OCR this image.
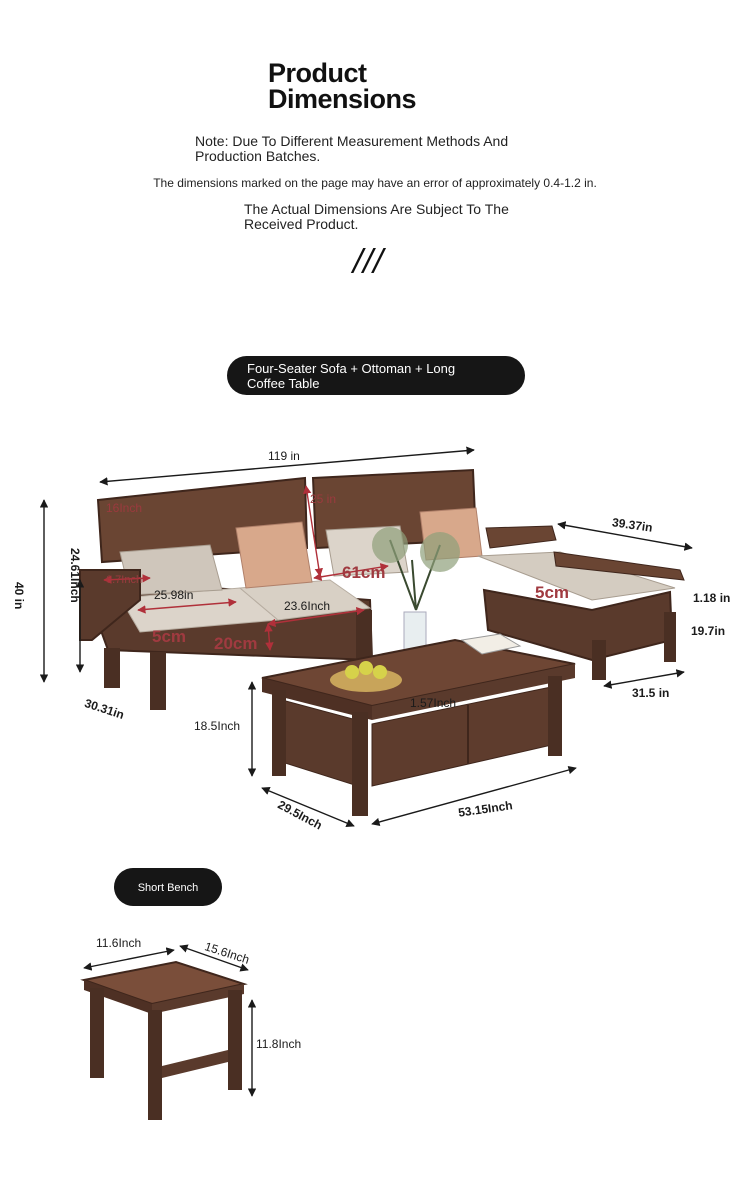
Product
Dimensions
Note: Due To Different Measurement Methods And
Production Batches.
The dimensions marked on the page may have an error of approximately 0.4-1.2 in.
The Actual Dimensions Are Subject To The
Received Product.
///
Four-Seater Sofa + Ottoman + Long
Coffee Table
119 in
25 in
16Inch
40 in	24.61Inch 6.7Inch
25.98in
23.6Inch
61cm
5cm
20cm
5cm
39.37in
1.18 in
19.7in
31.5 in
30.31in
18.5Inch
1.57Inch
29.5Inch	53.15Inch
Short Bench
11.6Inch	15.6Inch
11.8Inch
